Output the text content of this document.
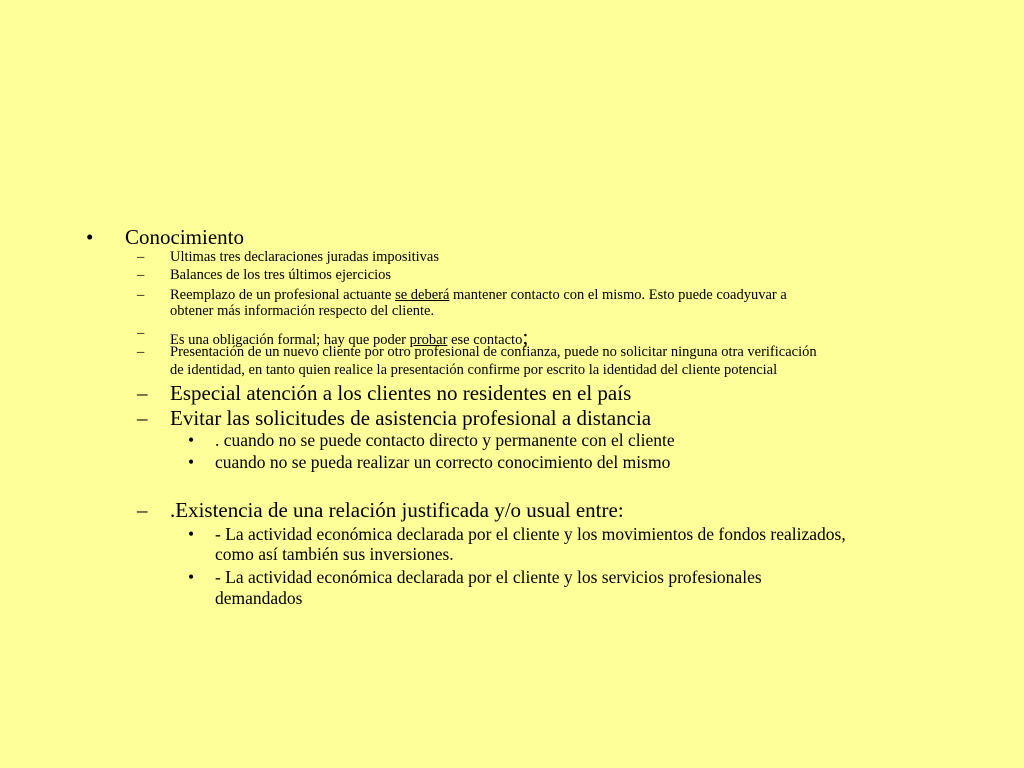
• Conocimiento
– Ultimas tres declaraciones juradas impositivas
– Balances de los tres últimos ejercicios
– Reemplazo de un profesional actuante se deberá mantener contacto con el mismo. Esto puede coadyuvar a
obtener más información respecto del cliente.
– Es una obligación formal; hay que poder probar ese contacto;
– Presentación de un nuevo cliente por otro profesional de confianza, puede no solicitar ninguna otra verificación
de identidad, en tanto quien realice la presentación confirme por escrito la identidad del cliente potencial
– Especial atención a los clientes no residentes en el país
– Evitar las solicitudes de asistencia profesional a distancia
• . cuando no se puede contacto directo y permanente con el cliente
• cuando no se pueda realizar un correcto conocimiento del mismo
– .Existencia de una relación justificada y/o usual entre:
• - La actividad económica declarada por el cliente y los movimientos de fondos realizados,
como así también sus inversiones.
• - La actividad económica declarada por el cliente y los servicios profesionales
demandados
